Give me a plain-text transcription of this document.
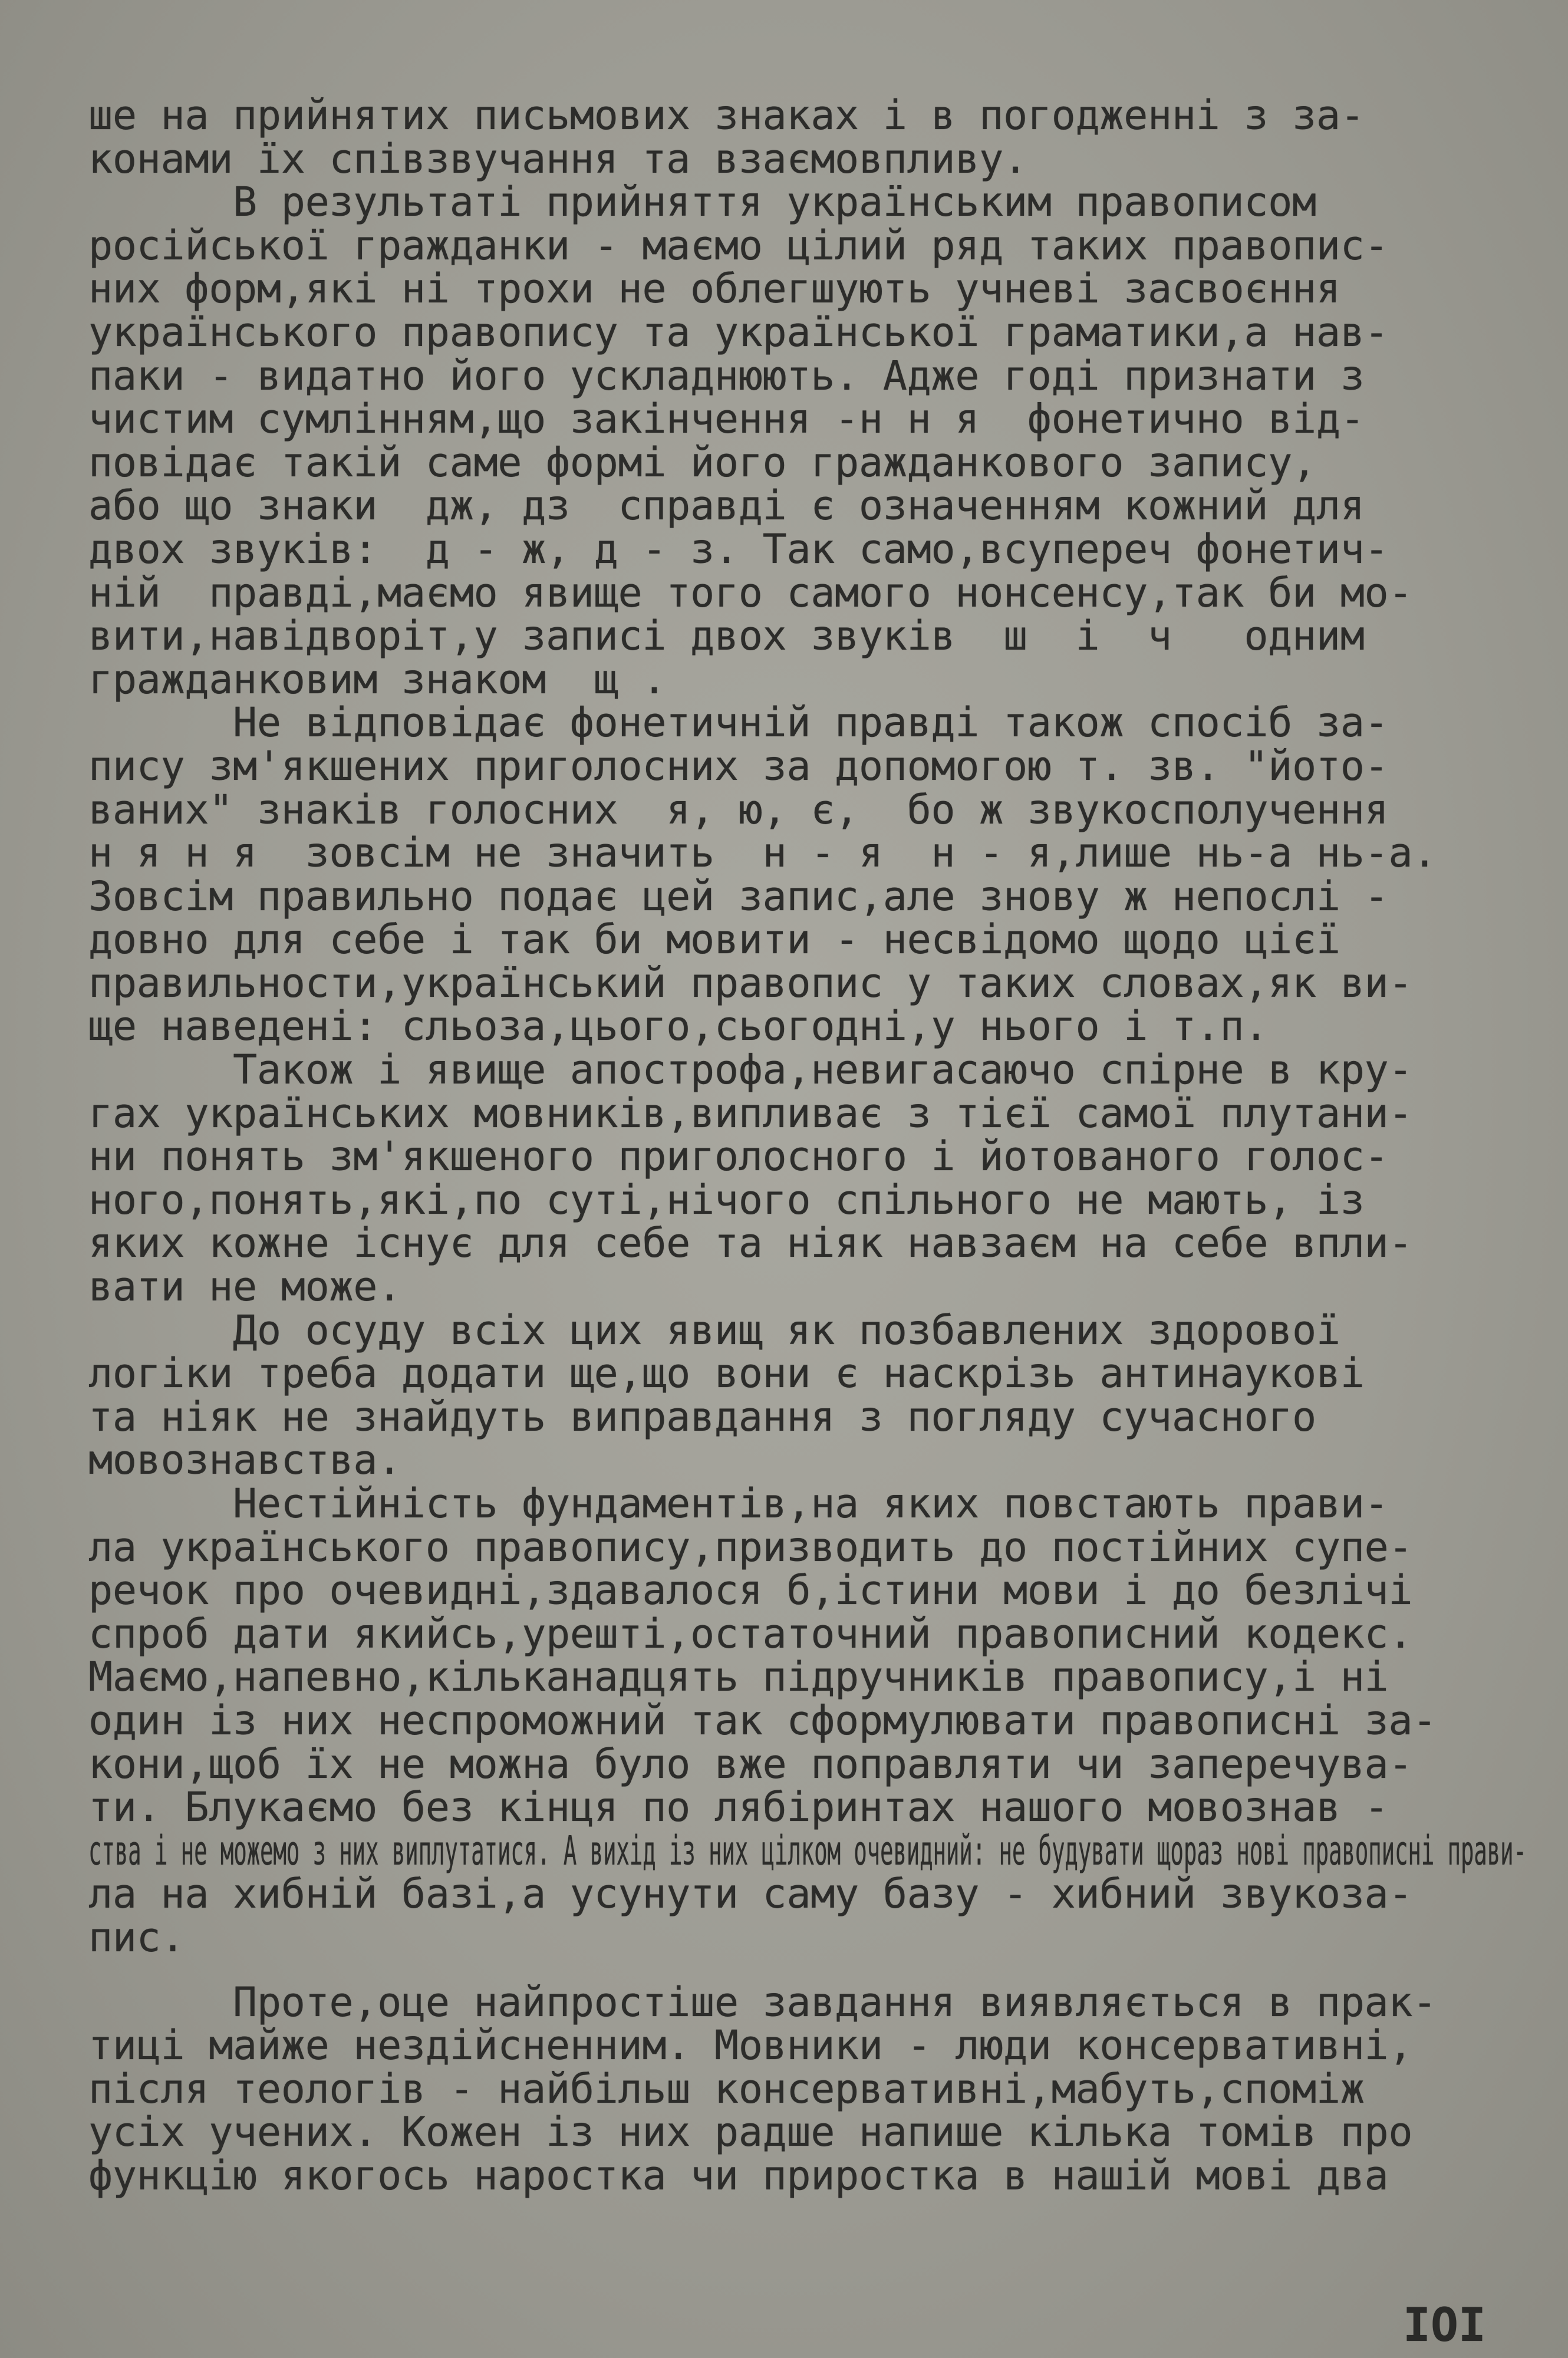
ше на прийнятих письмових знаках і в погодженні з за-
конами їх співзвучання та взаємовпливу.
В результаті прийняття українським правописом
російської гражданки - маємо цілий ряд таких правопис-
них форм,які ні трохи не облегшують учневі засвоєння
українського правопису та української граматики,а нав-
паки - видатно його ускладнюють. Адже годі признати з
чистим сумлінням,що закінчення -н н я  фонетично від-
повідає такій саме формі його гражданкового запису,
або що знаки  дж, дз  справді є означенням кожний для
двох звуків:  д - ж, д - з. Так само,всупереч фонетич-
ній  правді,маємо явище того самого нонсенсу,так би мо-
вити,навідворіт,у записі двох звуків  ш  і  ч   одним
гражданковим знаком  щ .
Не відповідає фонетичній правді також спосіб за-
пису зм'якшених приголосних за допомогою т. зв. "йото-
ваних" знаків голосних  я, ю, є,  бо ж звукосполучення
н я н я  зовсім не значить  н - я  н - я,лише нь-а нь-а.
Зовсім правильно подає цей запис,але знову ж непослі -
довно для себе і так би мовити - несвідомо щодо цієї
правильности,український правопис у таких словах,як ви-
ще наведені: сльоза,цього,сьогодні,у нього і т.п.
Також і явище апострофа,невигасаючо спірне в кру-
гах українських мовників,випливає з тієї самої плутани-
ни понять зм'якшеного приголосного і йотованого голос-
ного,понять,які,по суті,нічого спільного не мають, із
яких кожне існує для себе та ніяк навзаєм на себе впли-
вати не може.
До осуду всіх цих явищ як позбавлених здорової
логіки треба додати ще,що вони є наскрізь антинаукові
та ніяк не знайдуть виправдання з погляду сучасного
мовознавства.
Нестійність фундаментів,на яких повстають прави-
ла українського правопису,призводить до постійних супе-
речок про очевидні,здавалося б,істини мови і до безлічі
спроб дати якийсь,урешті,остаточний правописний кодекс.
Маємо,напевно,кільканадцять підручників правопису,і ні
один із них неспроможний так сформулювати правописні за-
кони,щоб їх не можна було вже поправляти чи заперечува-
ти. Блукаємо без кінця по лябіринтах нашого мовознав -
ства і не можемо з них виплутатися. А вихід із них цілком очевидний: не будувати щораз нові правописні прави-
ла на хибній базі,а усунути саму базу - хибний звукоза-
пис.
Проте,оце найпростіше завдання виявляється в прак-
тиці майже нездійсненним. Мовники - люди консервативні,
після теологів - найбільш консервативні,мабуть,споміж
усіх учених. Кожен із них радше напише кілька томів про
функцію якогось наростка чи приростка в нашій мові два
IOI
